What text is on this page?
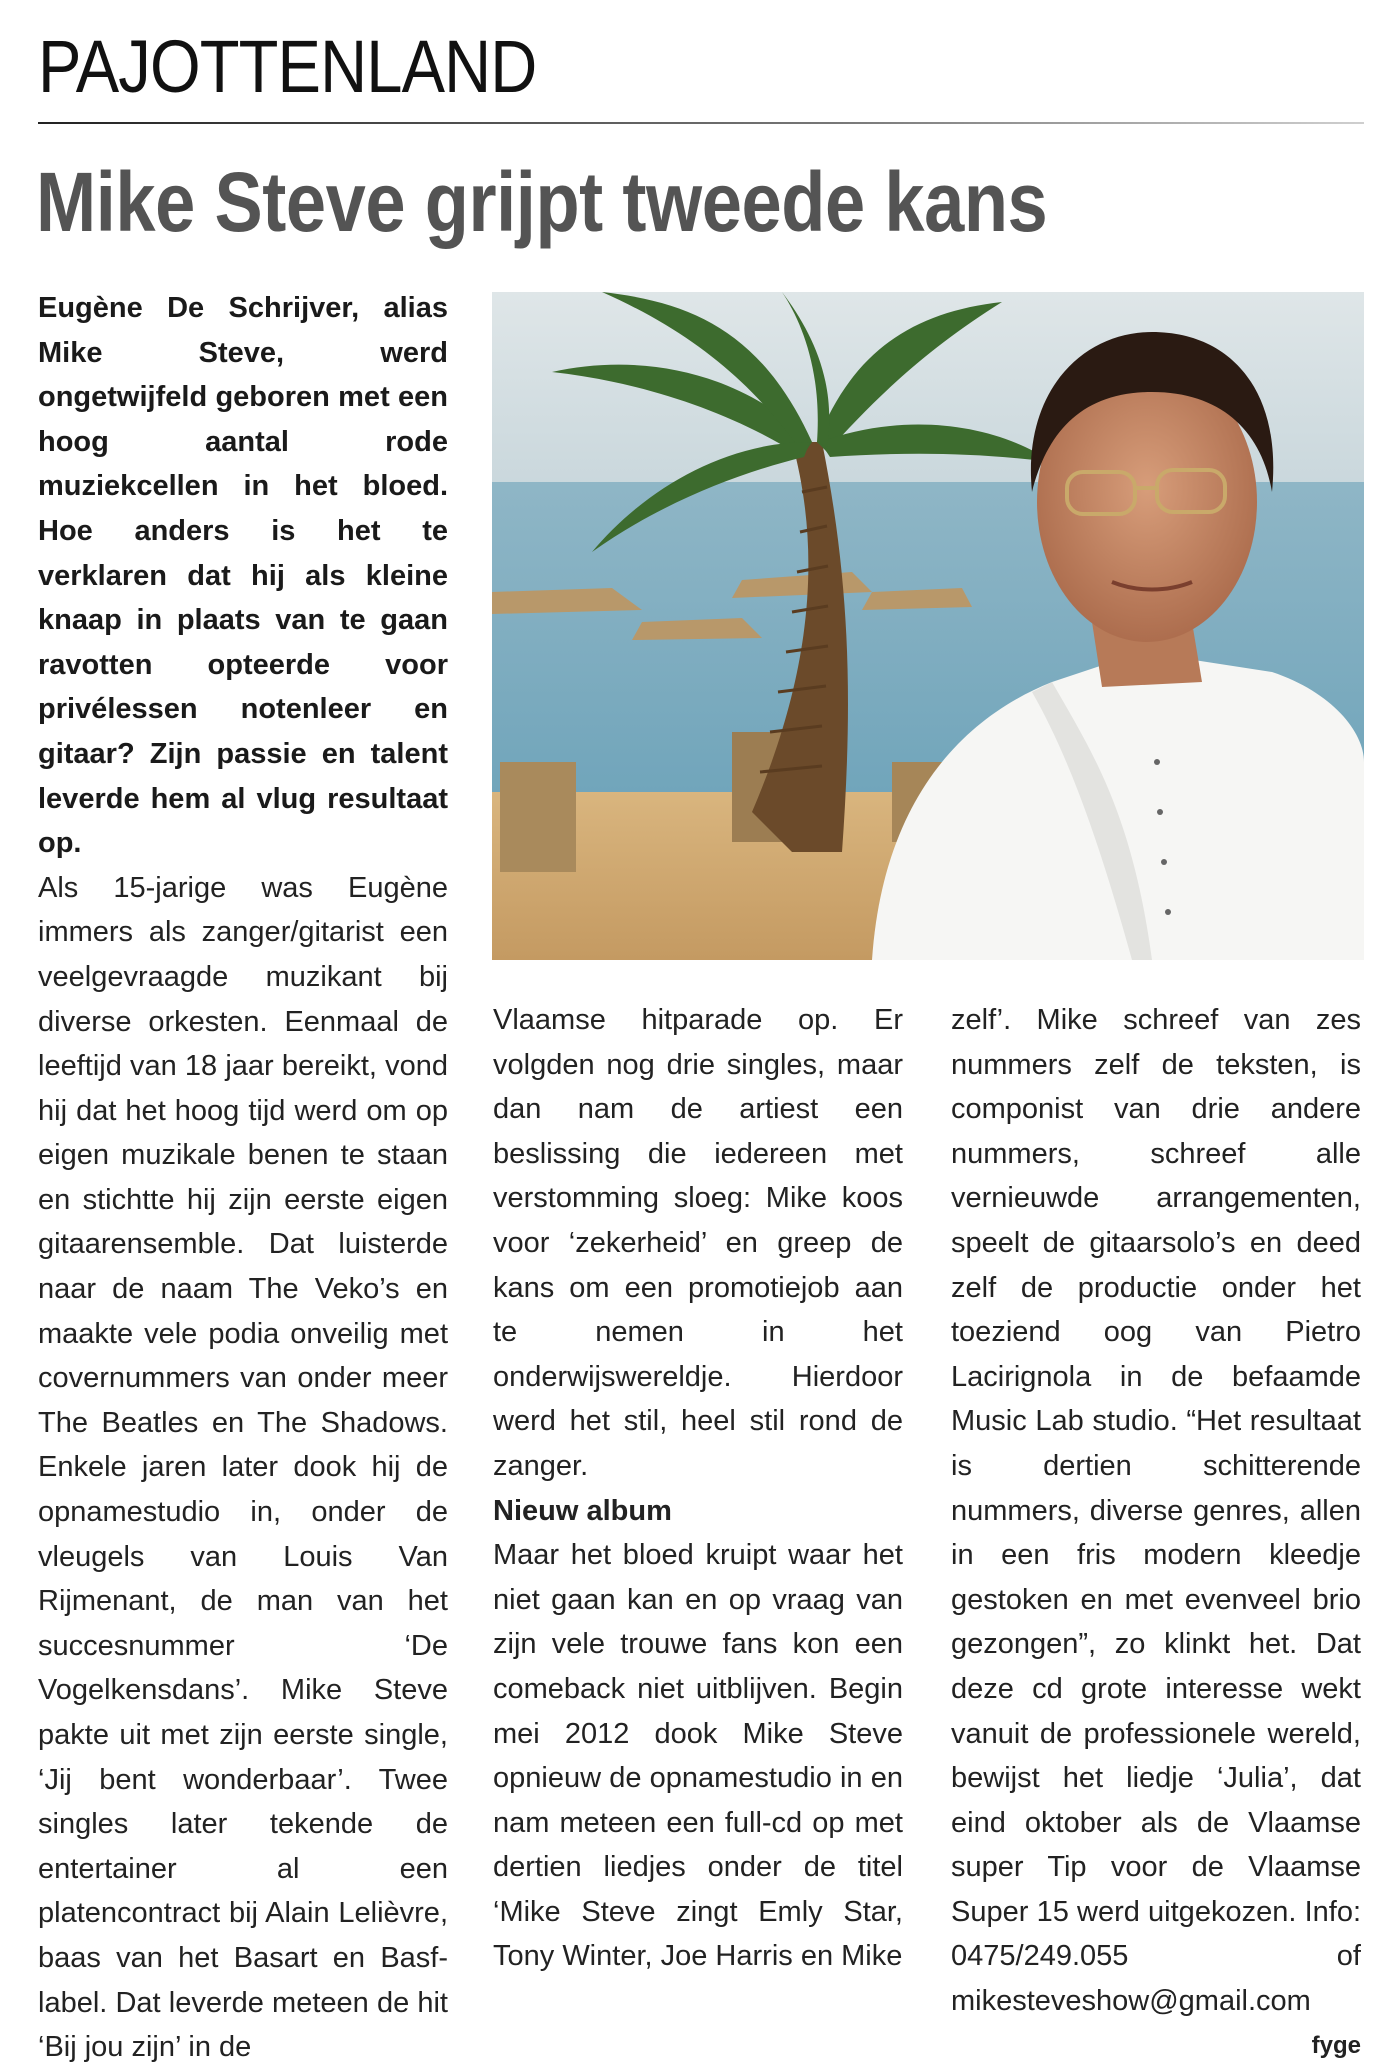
PAJOTTENLAND
Mike Steve grijpt tweede kans

Eugène De Schrijver, alias Mike Steve, werd ongetwijfeld geboren met een hoog aantal rode muziekcellen in het bloed. Hoe anders is het te verklaren dat hij als kleine knaap in plaats van te gaan ravotten opteerde voor privélessen notenleer en gitaar? Zijn passie en talent leverde hem al vlug resultaat op.

Als 15-jarige was Eugène immers als zanger/gitarist een veelgevraagde muzikant bij diverse orkesten. Eenmaal de leeftijd van 18 jaar bereikt, vond hij dat het hoog tijd werd om op eigen muzikale benen te staan en stichtte hij zijn eerste eigen gitaarensemble. Dat luisterde naar de naam The Veko’s en maakte vele podia onveilig met covernummers van onder meer The Beatles en The Shadows. Enkele jaren later dook hij de opnamestudio in, onder de vleugels van Louis Van Rijmenant, de man van het succesnummer ‘De Vogelkensdans’. Mike Steve pakte uit met zijn eerste single, ‘Jij bent wonderbaar’. Twee singles later tekende de entertainer al een platencontract bij Alain Lelièvre, baas van het Basart en Basf-label. Dat leverde meteen de hit ‘Bij jou zijn’ in de

Vlaamse hitparade op. Er volgden nog drie singles, maar dan nam de artiest een beslissing die iedereen met verstomming sloeg: Mike koos voor ‘zekerheid’ en greep de kans om een promotiejob aan te nemen in het onderwijswereldje. Hierdoor werd het stil, heel stil rond de zanger.

Nieuw album

Maar het bloed kruipt waar het niet gaan kan en op vraag van zijn vele trouwe fans kon een comeback niet uitblijven. Begin mei 2012 dook Mike Steve opnieuw de opnamestudio in en nam meteen een full-cd op met dertien liedjes onder de titel ‘Mike Steve zingt Emly Star, Tony Winter, Joe Harris en Mike

zelf’. Mike schreef van zes nummers zelf de teksten, is componist van drie andere nummers, schreef alle vernieuwde arrangementen, speelt de gitaarsolo’s en deed zelf de productie onder het toeziend oog van Pietro Lacirignola in de befaamde Music Lab studio. “Het resultaat is dertien schitterende nummers, diverse genres, allen in een fris modern kleedje gestoken en met evenveel brio gezongen”, zo klinkt het. Dat deze cd grote interesse wekt vanuit de professionele wereld, bewijst het liedje ‘Julia’, dat eind oktober als de Vlaamse super Tip voor de Vlaamse Super 15 werd uitgekozen. Info: 0475/249.055 of mikesteveshow@gmail.com
fyge
